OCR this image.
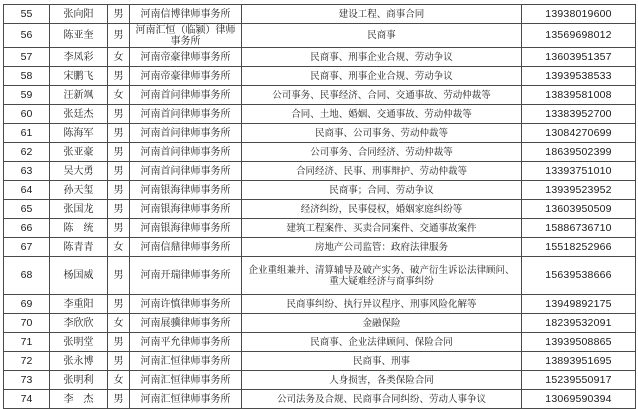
55	张向阳	男	河南信博律师事务所	建设工程、商事合同	13938019600
56	陈亚奎	男	河南汇恒（临颍）律师事务所	民商事	13569698012
57	李凤彩	女	河南帝豪律师事务所	民商事、刑事企业合规、劳动争议	13603951357
58	宋鹏飞	男	河南帝豪律师事务所	民商事、刑事企业合规、劳动争议	13939538533
59	汪新飒	女	河南首问律师事务所	公司事务、民事经济、合同、交通事故、劳动仲裁等	13839581008
60	张廷杰	男	河南首问律师事务所	合同、土地、婚姻、交通事故、劳动仲裁等	13383952700
61	陈海军	男	河南首问律师事务所	民商事、公司事务、劳动仲裁等	13084270699
62	张亚豪	男	河南首问律师事务所	公司事务、合同经济、劳动仲裁等	18639502399
63	吴大勇	男	河南首问律师事务所	合同经济、民事、刑事辩护、劳动仲裁等	13393751010
64	孙天玺	男	河南银海律师事务所	民商事；合同、劳动争议	13939523952
65	张国龙	男	河南银海律师事务所	经济纠纷，民事侵权，婚姻家庭纠纷等	13603950509
66	陈　统	男	河南银海律师事务所	建筑工程案件、买卖合同案件、交通事故案件	15886736710
67	陈青青	女	河南信鼎律师事务所	房地产公司监管：政府法律服务	15518252966
68	杨国威	男	河南开瑞律师事务所	企业重组兼并、清算辅导及破产实务、破产衍生诉讼法律顾问、重大疑难经济与商事纠纷	15639538666
69	李重阳	男	河南许慎律师事务所	民商事纠纷、执行异议程序、刑事风险化解等	13949892175
70	李欣欣	女	河南展骥律师事务所	金融保险	18239532091
71	张明堂	男	河南平允律师事务所	民商事、企业法律顾问、保险合同	13939508865
72	张永博	男	河南汇恒律师事务所	民商事、刑事	13893951695
73	张明利	女	河南汇恒律师事务所	人身损害，各类保险合同	15239550917
74	李　杰	男	河南汇恒律师事务所	公司法务及合规、民商事合同纠纷、劳动人事争议	13069590394
